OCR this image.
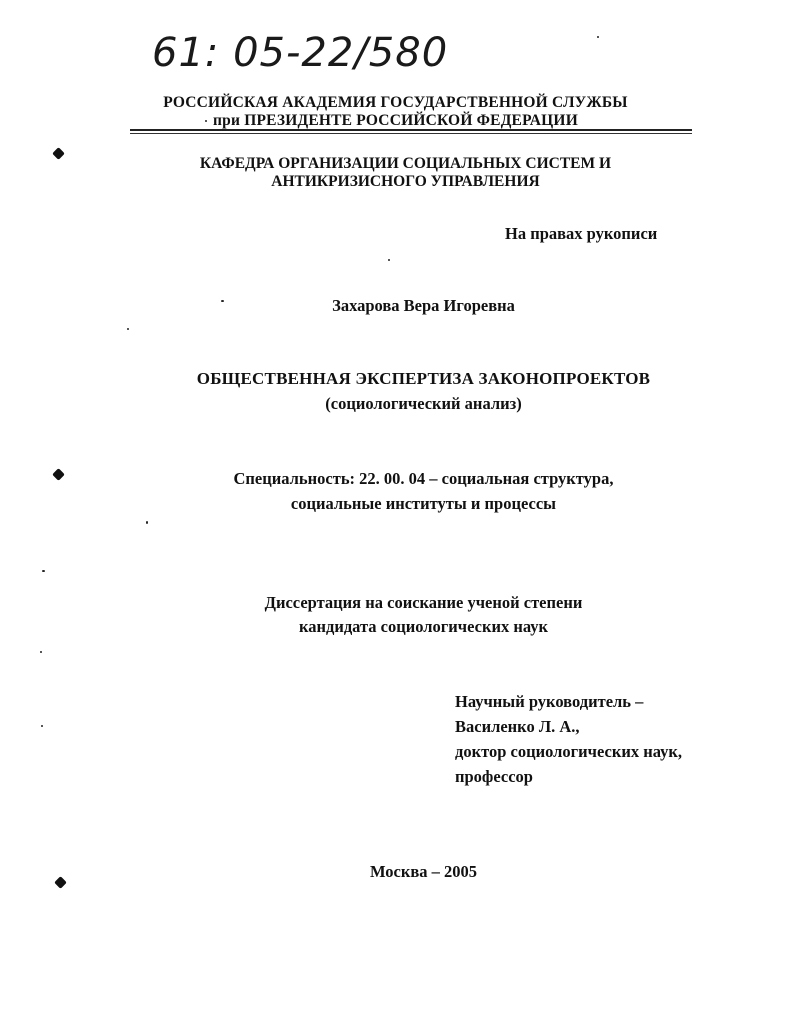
61: 05-22/580
РОССИЙСКАЯ АКАДЕМИЯ ГОСУДАРСТВЕННОЙ СЛУЖБЫ
при ПРЕЗИДЕНТЕ РОССИЙСКОЙ ФЕДЕРАЦИИ
КАФЕДРА ОРГАНИЗАЦИИ СОЦИАЛЬНЫХ СИСТЕМ И
АНТИКРИЗИСНОГО УПРАВЛЕНИЯ
На правах рукописи
Захарова Вера Игоревна
ОБЩЕСТВЕННАЯ ЭКСПЕРТИЗА ЗАКОНОПРОЕКТОВ
(социологический анализ)
Специальность: 22. 00. 04 – социальная структура,
социальные институты и процессы
Диссертация на соискание ученой степени
кандидата социологических наук
Научный руководитель –
Василенко Л. А.,
доктор социологических наук,
профессор
Москва – 2005
